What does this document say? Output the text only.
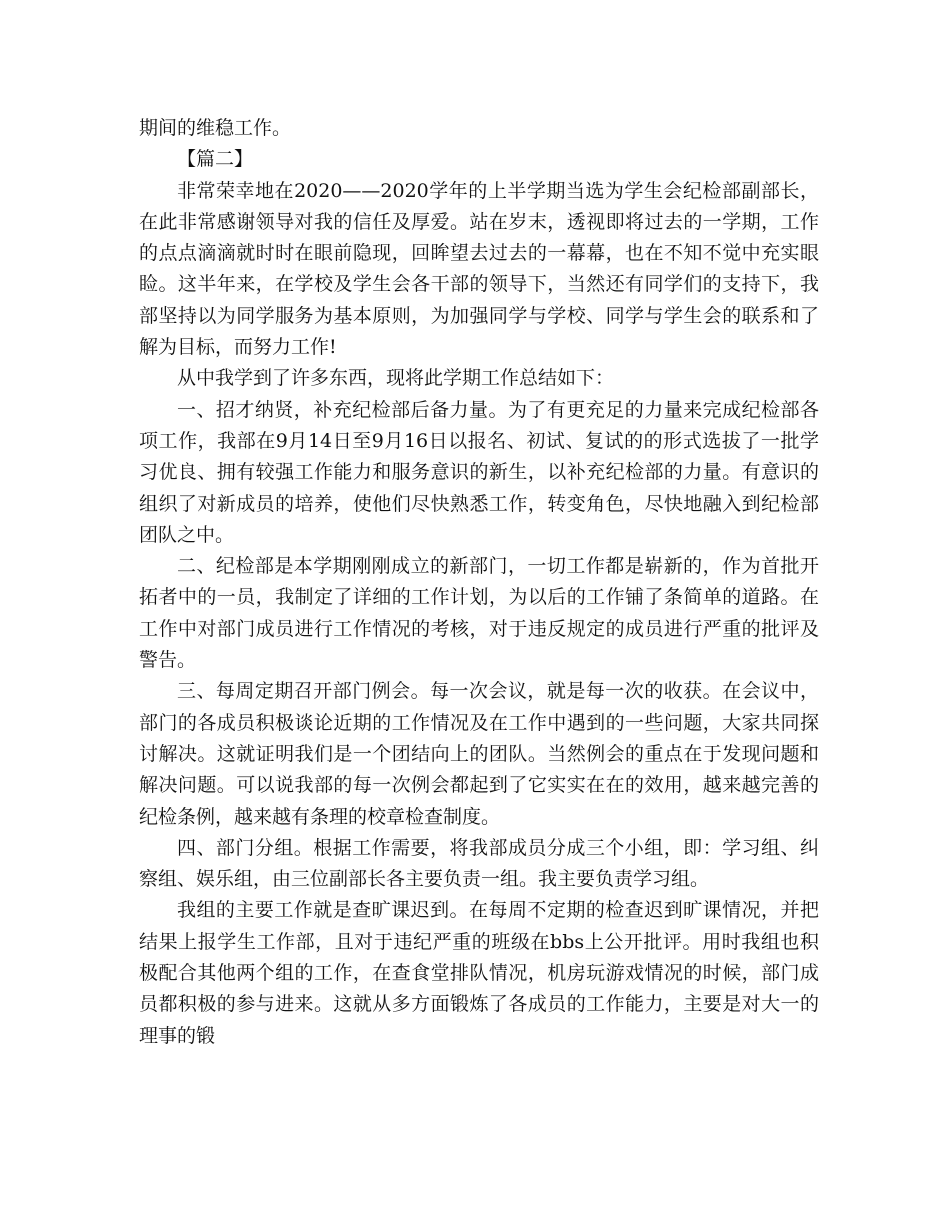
期间的维稳工作。

【篇二】

非常荣幸地在2020——2020学年的上半学期当选为学生会纪检部副部长，在此非常感谢领导对我的信任及厚爱。站在岁末，透视即将过去的一学期，工作的点点滴滴就时时在眼前隐现，回眸望去过去的一幕幕，也在不知不觉中充实眼睑。这半年来，在学校及学生会各干部的领导下，当然还有同学们的支持下，我部坚持以为同学服务为基本原则，为加强同学与学校、同学与学生会的联系和了解为目标，而努力工作!

从中我学到了许多东西，现将此学期工作总结如下：

一、招才纳贤，补充纪检部后备力量。为了有更充足的力量来完成纪检部各项工作，我部在9月14日至9月16日以报名、初试、复试的的形式选拔了一批学习优良、拥有较强工作能力和服务意识的新生，以补充纪检部的力量。有意识的组织了对新成员的培养，使他们尽快熟悉工作，转变角色，尽快地融入到纪检部团队之中。

二、纪检部是本学期刚刚成立的新部门，一切工作都是崭新的，作为首批开拓者中的一员，我制定了详细的工作计划，为以后的工作铺了条简单的道路。在工作中对部门成员进行工作情况的考核，对于违反规定的成员进行严重的批评及警告。

三、每周定期召开部门例会。每一次会议，就是每一次的收获。在会议中，部门的各成员积极谈论近期的工作情况及在工作中遇到的一些问题，大家共同探讨解决。这就证明我们是一个团结向上的团队。当然例会的重点在于发现问题和解决问题。可以说我部的每一次例会都起到了它实实在在的效用，越来越完善的纪检条例，越来越有条理的校章检查制度。

四、部门分组。根据工作需要，将我部成员分成三个小组，即：学习组、纠察组、娱乐组，由三位副部长各主要负责一组。我主要负责学习组。

我组的主要工作就是查旷课迟到。在每周不定期的检查迟到旷课情况，并把结果上报学生工作部，且对于违纪严重的班级在bbs上公开批评。用时我组也积极配合其他两个组的工作，在查食堂排队情况，机房玩游戏情况的时候，部门成员都积极的参与进来。这就从多方面锻炼了各成员的工作能力，主要是对大一的理事的锻
